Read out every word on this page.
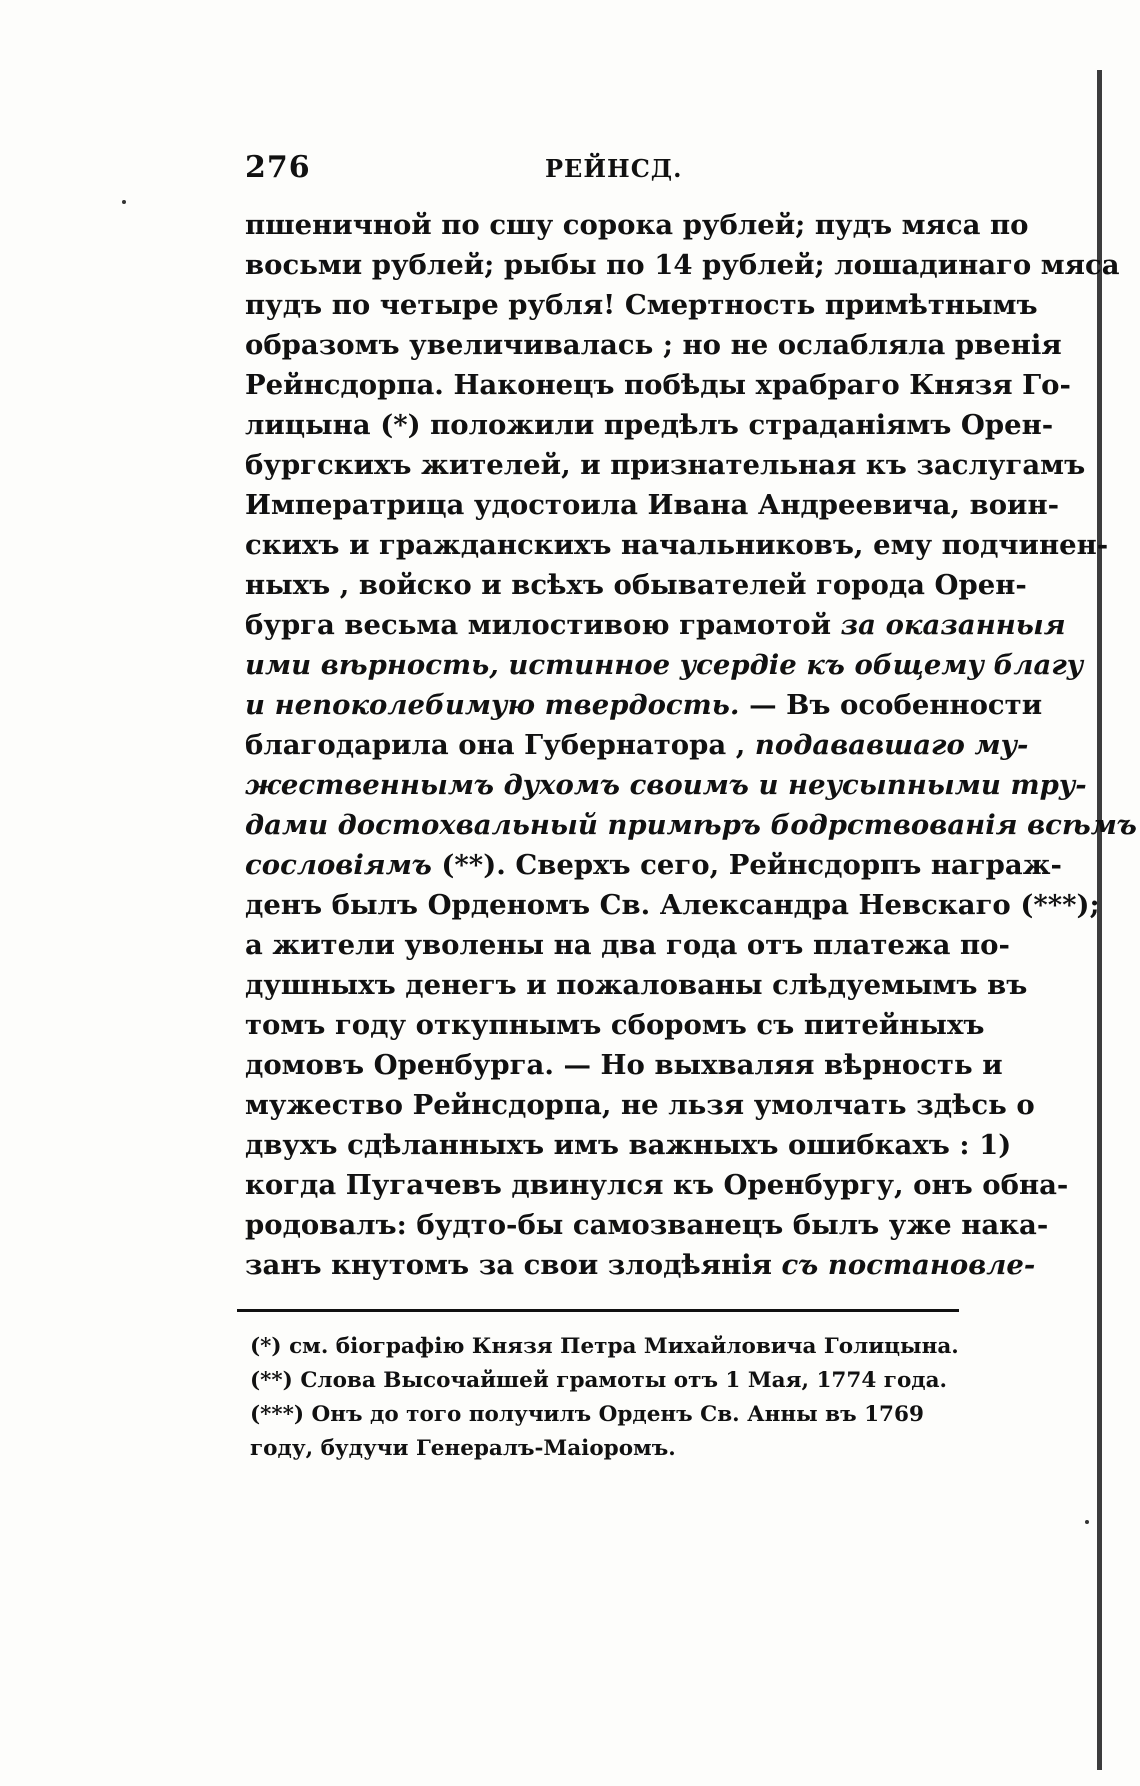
276	РЕЙНСД.
пшеничной по сшу сорока рублей; пудъ мяса по
восьми рублей; рыбы по 14 рублей; лошадинаго мяса
пудъ по четыре рубля! Смертность примѣтнымъ
образомъ увеличивалась ; но не ослабляла рвенія
Рейнсдорпа. Наконецъ побѣды храбраго Князя Го-
лицына (*) положили предѣлъ страданіямъ Орен-
бургскихъ жителей, и признательная къ заслугамъ
Императрица удостоила Ивана Андреевича, воин-
скихъ и гражданскихъ начальниковъ, ему подчинен-
ныхъ , войско и всѣхъ обывателей города Орен-
бурга весьма милостивою грамотой за оказанныя
ими вѣрность, истинное усердіе къ общему благу
и непоколебимую твердость. — Въ особенности
благодарила она Губернатора , подававшаго му-
жественнымъ духомъ своимъ и неусыпными тру-
дами достохвальный примѣръ бодрствованія всѣмъ
сословіямъ (**). Сверхъ сего, Рейнсдорпъ награж-
денъ былъ Орденомъ Св. Александра Невскаго (***);
а жители уволены на два года отъ платежа по-
душныхъ денегъ и пожалованы слѣдуемымъ въ
томъ году откупнымъ сборомъ съ питейныхъ
домовъ Оренбурга. — Но выхваляя вѣрность и
мужество Рейнсдорпа, не льзя умолчать здѣсь о
двухъ сдѣланныхъ имъ важныхъ ошибкахъ : 1)
когда Пугачевъ двинулся къ Оренбургу, онъ обна-
родовалъ: будто-бы самозванецъ былъ уже нака-
занъ кнутомъ за свои злодѣянія съ постановле-
(*) см. біографію Князя Петра Михайловича Голицына.
(**) Слова Высочайшей грамоты отъ 1 Мая, 1774 года.
(***) Онъ до того получилъ Орденъ Св. Анны въ 1769
году, будучи Генералъ-Маіоромъ.
